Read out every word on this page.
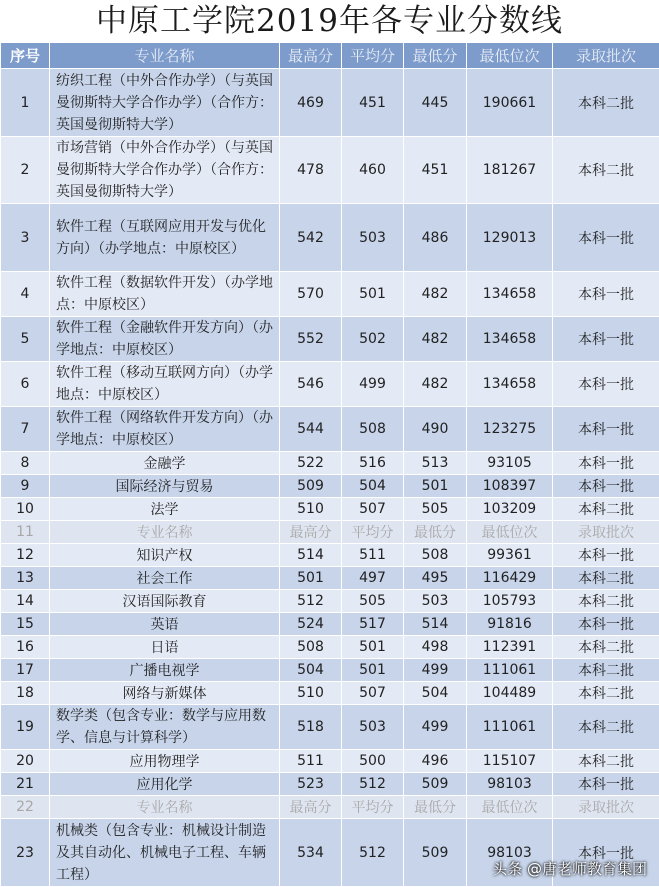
中原工学院2019年各专业分数线
序号	专业名称	最高分	平均分	最低分	最低位次	录取批次
1	纺织工程（中外合作办学）（与英国曼彻斯特大学合作办学）（合作方：英国曼彻斯特大学）	469	451	445	190661	本科二批
2	市场营销（中外合作办学）（与英国曼彻斯特大学合作办学）（合作方：英国曼彻斯特大学）	478	460	451	181267	本科二批
3	软件工程（互联网应用开发与优化方向）（办学地点：中原校区）	542	503	486	129013	本科一批
4	软件工程（数据软件开发）（办学地点：中原校区）	570	501	482	134658	本科一批
5	软件工程（金融软件开发方向）（办学地点：中原校区）	552	502	482	134658	本科一批
6	软件工程（移动互联网方向）（办学地点：中原校区）	546	499	482	134658	本科一批
7	软件工程（网络软件开发方向）（办学地点：中原校区）	544	508	490	123275	本科一批
8	金融学	522	516	513	93105	本科一批
9	国际经济与贸易	509	504	501	108397	本科一批
10	法学	510	507	505	103209	本科二批
11	专业名称	最高分	平均分	最低分	最低位次	录取批次
12	知识产权	514	511	508	99361	本科一批
13	社会工作	501	497	495	116429	本科二批
14	汉语国际教育	512	505	503	105793	本科二批
15	英语	524	517	514	91816	本科一批
16	日语	508	501	498	112391	本科二批
17	广播电视学	504	501	499	111061	本科二批
18	网络与新媒体	510	507	504	104489	本科二批
19	数学类（包含专业：数学与应用数学、信息与计算科学）	518	503	499	111061	本科二批
20	应用物理学	511	500	496	115107	本科二批
21	应用化学	523	512	509	98103	本科一批
22	专业名称	最高分	平均分	最低分	最低位次	录取批次
23	机械类（包含专业：机械设计制造及其自动化、机械电子工程、车辆工程）	534	512	509	98103	本科一批
头条 @唐老师教育集团
